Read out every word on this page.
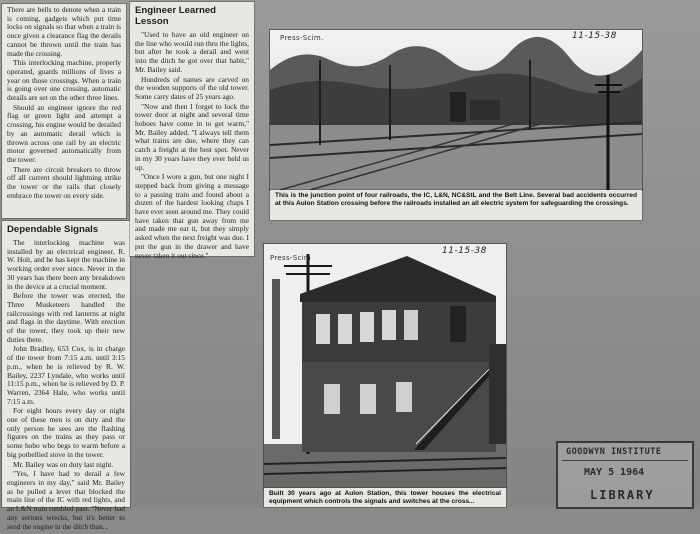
There are bells to denote when a train is coming, gadgets which put time locks on signals so that when a train is once given a clearance flag the derails cannot be thrown until the train has made the crossing.

This interlocking machine, properly operated, guards millions of lives a year on those crossings. When a train is going over one crossing, automatic derails are set on the other three lines.

Should an engineer ignore the red flag or green light and attempt a crossing, his engine would be derailed by an automatic derail which is thrown across one rail by an electric motor governed automatically from the tower.

There are circuit breakers to throw off all current should lightning strike the tower or the rails that closely embrace the tower on every side.

Dependable Signals

The interlocking machine was installed by an electrical engineer, R. W. Holt, and he has kept the machine in working order ever since. Never in the 30 years has there been any breakdown in the device at a crucial moment.

Before the tower was erected, the Three Musketeers handled the railcrossings with red lanterns at night and flags in the daytime. With erection of the tower, they took up their new duties there.

John Bradley, 653 Cox, is in charge of the tower from 7:15 a.m. until 3:15 p.m., when he is relieved by R. W. Bailey, 2237 Lyndale, who works until 11:15 p.m., when he is relieved by D. P. Warren, 2364 Hale, who works until 7:15 a.m.

For eight hours every day or night one of these men is on duty and the only person he sees are the flashing figures on the trains as they pass or some hobo who begs to warm before a big potbellied stove in the tower.

Mr. Bailey was on duty last night.

"Yes, I have had to derail a few engineers in my day," said Mr. Bailey as he pulled a lever that blocked the main line of the IC with red lights, and an L&N train rumbled past. "Never had any serious wrecks, but it's better to send the engine in the ditch than...

Engineer Learned Lesson

"Used to have an old engineer on the line who would run thru the lights, but after he took a derail and went into the ditch he got over that habit," Mr. Bailey said.

Hundreds of names are carved on the wooden supports of the old tower. Some carry dates of 25 years ago.

"Now and then I forget to lock the tower door at night and several time hoboes have come in to get warm," Mr. Bailey added. "I always tell them what trains are due, where they can catch a freight at the best spot. Never in my 30 years have they ever held us up.

"Once I wore a gun, but one night I stepped back from giving a message to a passing train and found about a dozen of the hardest looking chaps I have ever seen around me. They could have taken that gun away from me and made me eat it, but they simply asked when the next freight was due. I put the gun in the drawer and have never taken it out since."

11-15-38
Press-Scim.
This is the junction point of four railroads, the IC, L&N, NC&StL and the Belt Line. Several bad accidents occurred at this Aulon Station crossing before the railroads installed an all electric system for safeguarding the crossings.
11-15-38
Press-Scim
Built 30 years ago at Aulon Station, this tower houses the electrical equipment which controls the signals and switches at the cross...
GOODWYN INSTITUTE
MAY 5 1964
LIBRARY
